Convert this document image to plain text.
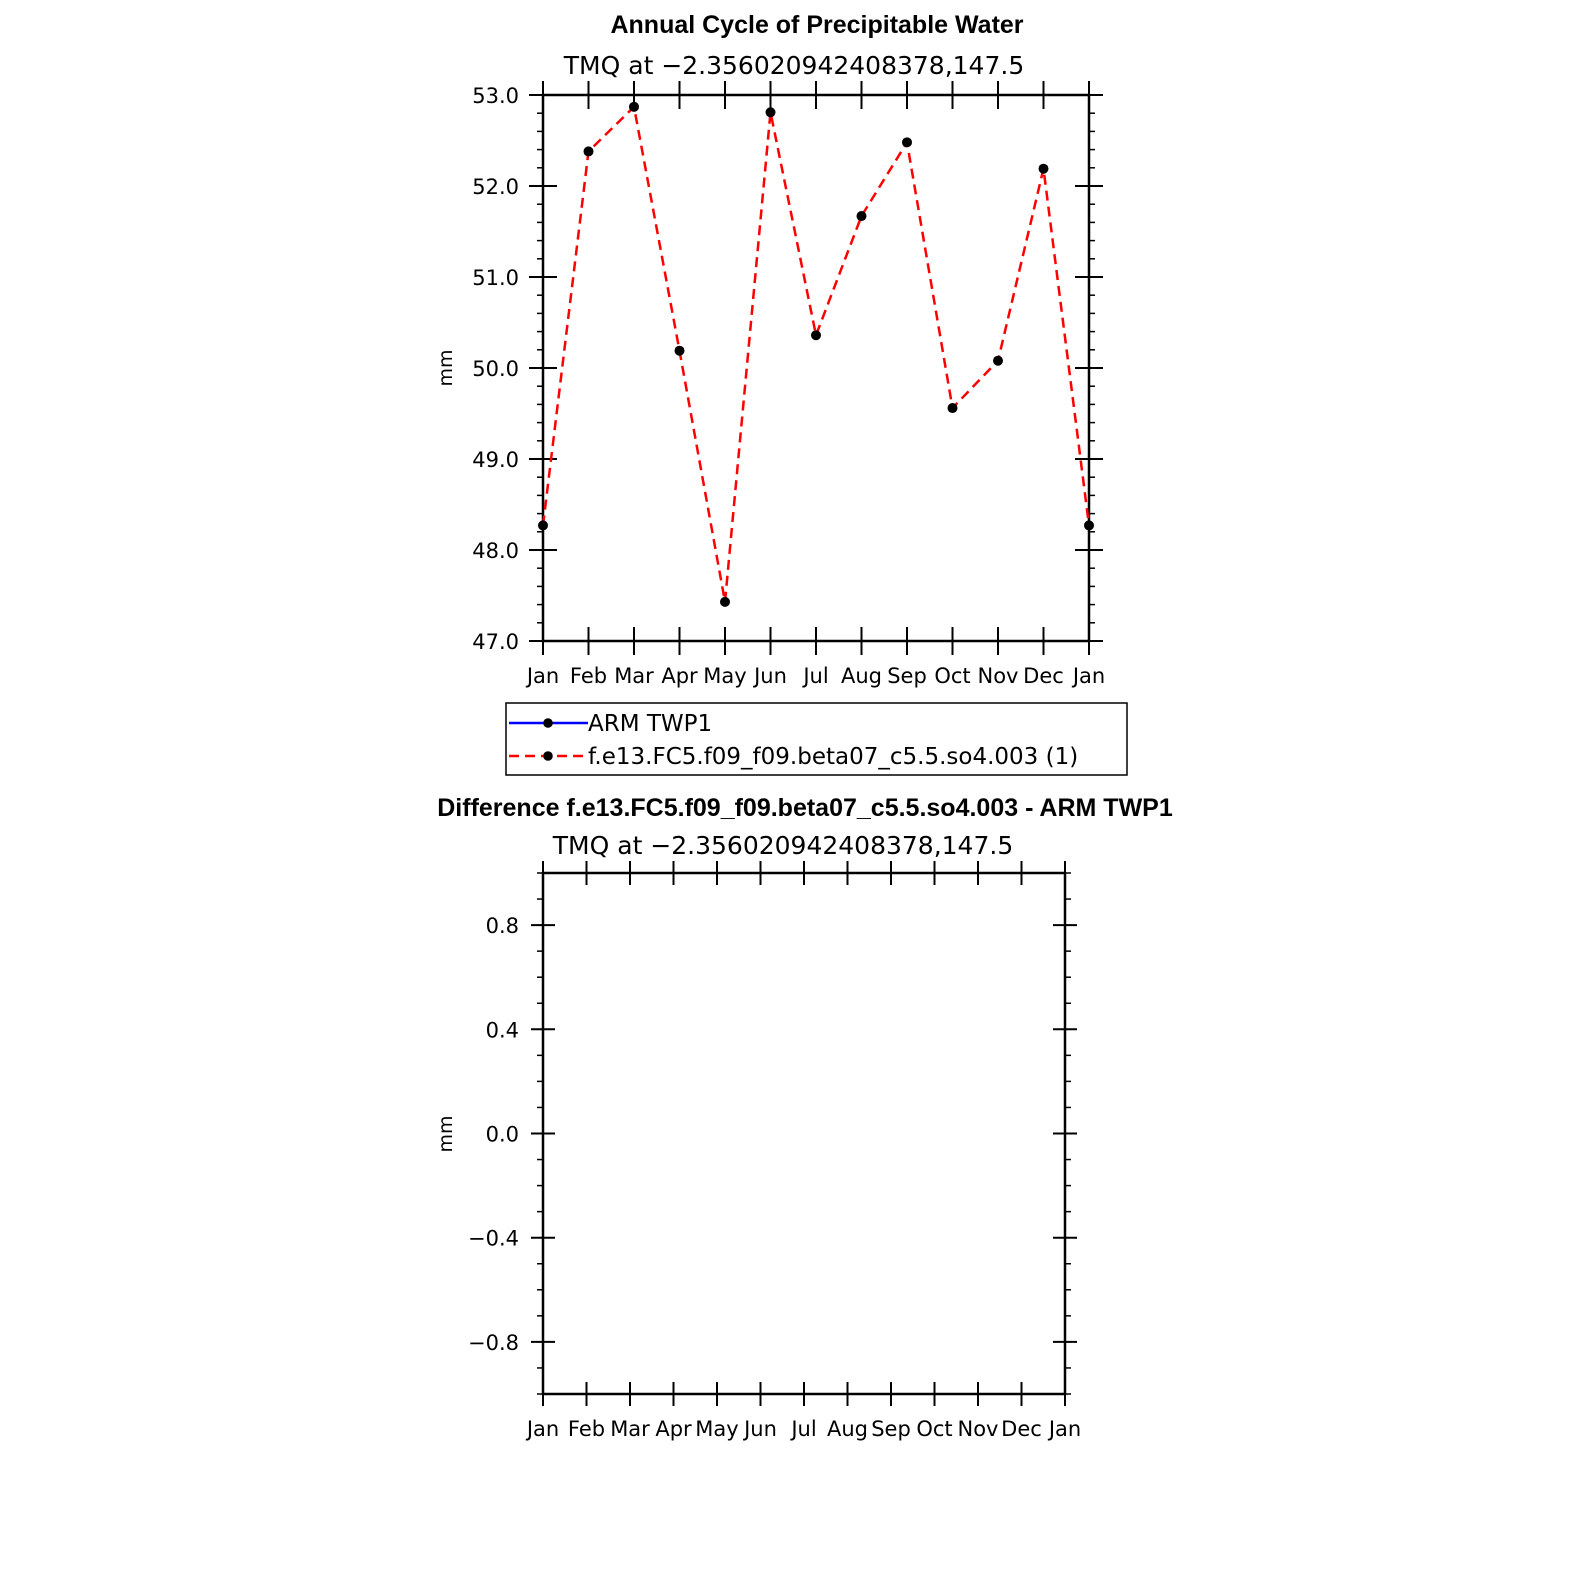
Annual Cycle of Precipitable Water
TMQ at −2.356020942408378,147.5
mm
53.0
52.0
51.0
50.0
49.0
48.0
47.0
Jan Feb Mar Apr May Jun Jul Aug Sep Oct Nov Dec Jan
ARM TWP1
f.e13.FC5.f09_f09.beta07_c5.5.so4.003 (1)
Difference f.e13.FC5.f09_f09.beta07_c5.5.so4.003 - ARM TWP1
TMQ at −2.356020942408378,147.5
mm
0.8
0.4
0.0
−0.4
−0.8
Jan Feb Mar Apr May Jun Jul Aug Sep Oct Nov Dec Jan
